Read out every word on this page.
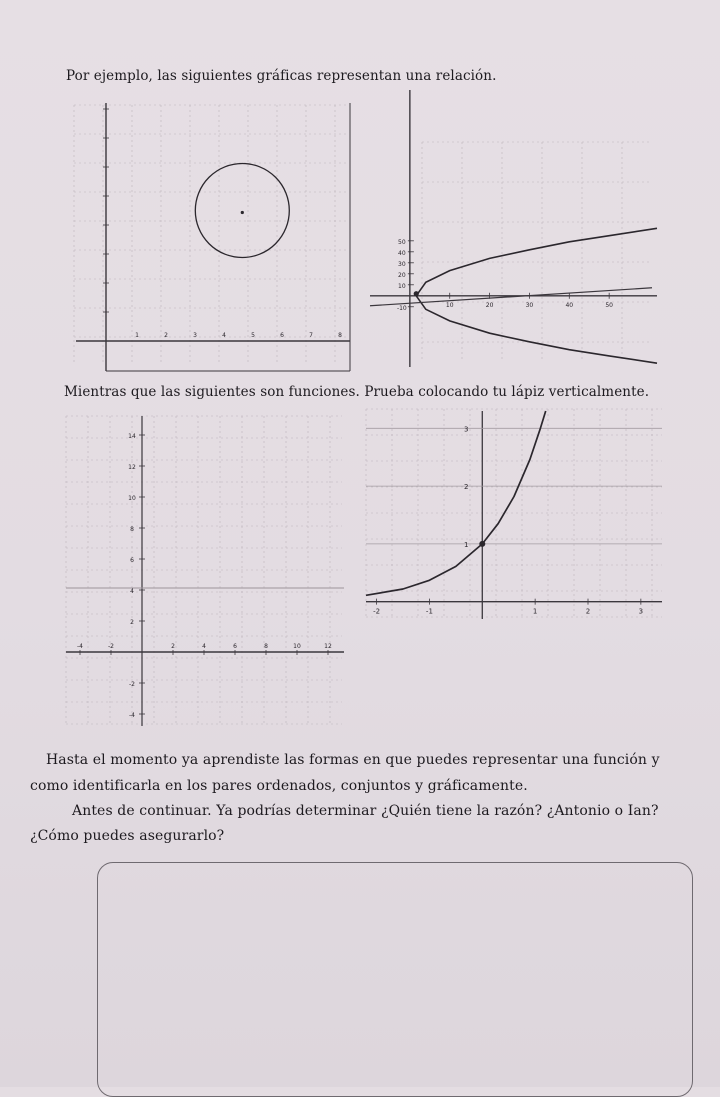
Por ejemplo, las siguientes gráficas representan una relación.
1	2	3	4	5	6	7	8
50
40
30
20
10
-10	10	20	30	40	50
Mientras que las siguientes son funciones. Prueba colocando tu lápiz verticalmente.
14
12
10
8
6
4
2
-2
-4
-4	-2	2	4	6	8	10	12
3
2
1
-2	-1	1	2	3
Hasta el momento ya aprendiste las formas en que puedes representar una función y
como identificarla en los pares ordenados, conjuntos y gráficamente.
Antes de continuar. Ya podrías determinar ¿Quién tiene la razón? ¿Antonio o Ian?
¿Cómo puedes asegurarlo?
